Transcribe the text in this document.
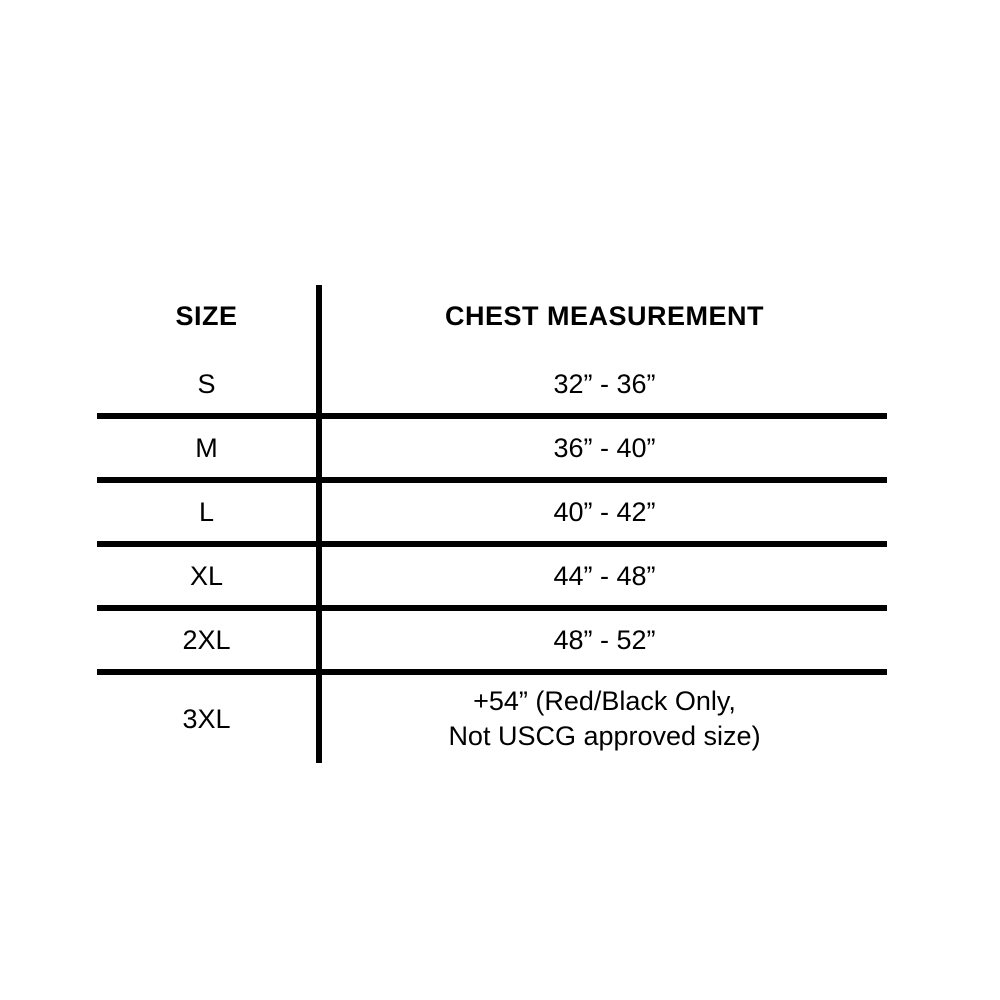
SIZE	CHEST MEASUREMENT
S	32” - 36”
M	36” - 40”
L	40” - 42”
XL	44” - 48”
2XL	48” - 52”
3XL	+54” (Red/Black Only,
Not USCG approved size)
